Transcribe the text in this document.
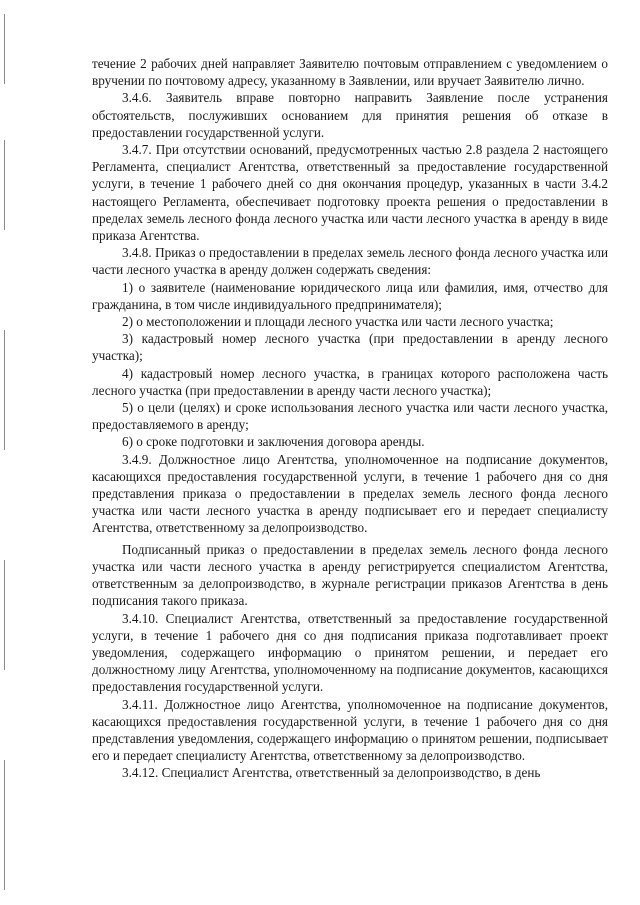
течение 2 рабочих дней направляет Заявителю почтовым отправлением с уведомлением о вручении по почтовому адресу, указанному в Заявлении, или вручает Заявителю лично.

3.4.6. Заявитель вправе повторно направить Заявление после устранения обстоятельств, послуживших основанием для принятия решения об отказе в предоставлении государственной услуги.

3.4.7. При отсутствии оснований, предусмотренных частью 2.8 раздела 2 настоящего Регламента, специалист Агентства, ответственный за предоставление государственной услуги, в течение 1 рабочего дней со дня окончания процедур, указанных в части 3.4.2 настоящего Регламента, обеспечивает подготовку проекта решения о предоставлении в пределах земель лесного фонда лесного участка или части лесного участка в аренду в виде приказа Агентства.

3.4.8. Приказ о предоставлении в пределах земель лесного фонда лесного участка или части лесного участка в аренду должен содержать сведения:

1) о заявителе (наименование юридического лица или фамилия, имя, отчество для гражданина, в том числе индивидуального предпринимателя);

2) о местоположении и площади лесного участка или части лесного участка;

3) кадастровый номер лесного участка (при предоставлении в аренду лесного участка);

4) кадастровый номер лесного участка, в границах которого расположена часть лесного участка (при предоставлении в аренду части лесного участка);

5) о цели (целях) и сроке использования лесного участка или части лесного участка, предоставляемого в аренду;

6) о сроке подготовки и заключения договора аренды.

3.4.9. Должностное лицо Агентства, уполномоченное на подписание документов, касающихся предоставления государственной услуги, в течение 1 рабочего дня со дня представления приказа о предоставлении в пределах земель лесного фонда лесного участка или части лесного участка в аренду подписывает его и передает специалисту Агентства, ответственному за делопроизводство.

Подписанный приказ о предоставлении в пределах земель лесного фонда лесного участка или части лесного участка в аренду регистрируется специалистом Агентства, ответственным за делопроизводство, в журнале регистрации приказов Агентства в день подписания такого приказа.

3.4.10. Специалист Агентства, ответственный за предоставление государственной услуги, в течение 1 рабочего дня со дня подписания приказа подготавливает проект уведомления, содержащего информацию о принятом решении, и передает его должностному лицу Агентства, уполномоченному на подписание документов, касающихся предоставления государственной услуги.

3.4.11. Должностное лицо Агентства, уполномоченное на подписание документов, касающихся предоставления государственной услуги, в течение 1 рабочего дня со дня представления уведомления, содержащего информацию о принятом решении, подписывает его и передает специалисту Агентства, ответственному за делопроизводство.

3.4.12. Специалист Агентства, ответственный за делопроизводство, в день
